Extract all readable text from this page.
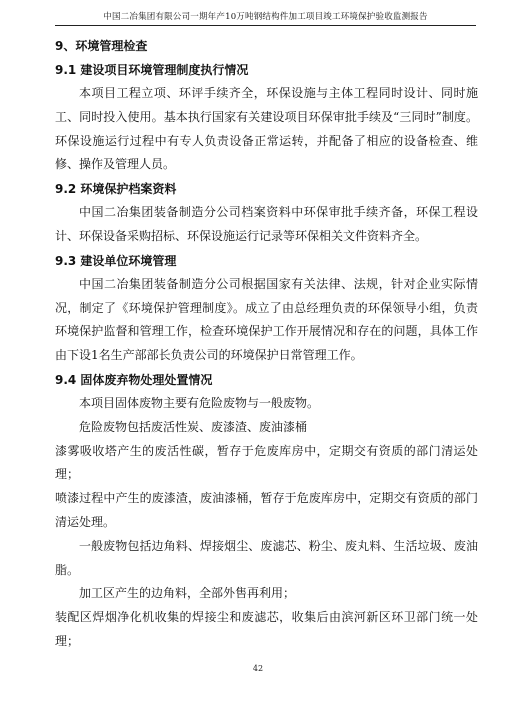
中国二冶集团有限公司一期年产10万吨钢结构件加工项目竣工环境保护验收监测报告
9、环境管理检查
9.1 建设项目环境管理制度执行情况

本项目工程立项、环评手续齐全，环保设施与主体工程同时设计、同时施工、同时投入使用。基本执行国家有关建设项目环保审批手续及“三同时”制度。环保设施运行过程中有专人负责设备正常运转，并配备了相应的设备检查、维修、操作及管理人员。

9.2 环境保护档案资料

中国二冶集团装备制造分公司档案资料中环保审批手续齐备，环保工程设计、环保设备采购招标、环保设施运行记录等环保相关文件资料齐全。

9.3 建设单位环境管理

中国二冶集团装备制造分公司根据国家有关法律、法规，针对企业实际情况，制定了《环境保护管理制度》。成立了由总经理负责的环保领导小组，负责环境保护监督和管理工作，检查环境保护工作开展情况和存在的问题，具体工作由下设1名生产部部长负责公司的环境保护日常管理工作。

9.4 固体废弃物处理处置情况

本项目固体废物主要有危险废物与一般废物。

危险废物包括废活性炭、废漆渣、废油漆桶

漆雾吸收塔产生的废活性碳，暂存于危废库房中，定期交有资质的部门清运处理；

喷漆过程中产生的废漆渣，废油漆桶，暂存于危废库房中，定期交有资质的部门清运处理。

一般废物包括边角料、焊接烟尘、废滤芯、粉尘、废丸料、生活垃圾、废油脂。

加工区产生的边角料，全部外售再利用；

装配区焊烟净化机收集的焊接尘和废滤芯，收集后由滨河新区环卫部门统一处理；

42
